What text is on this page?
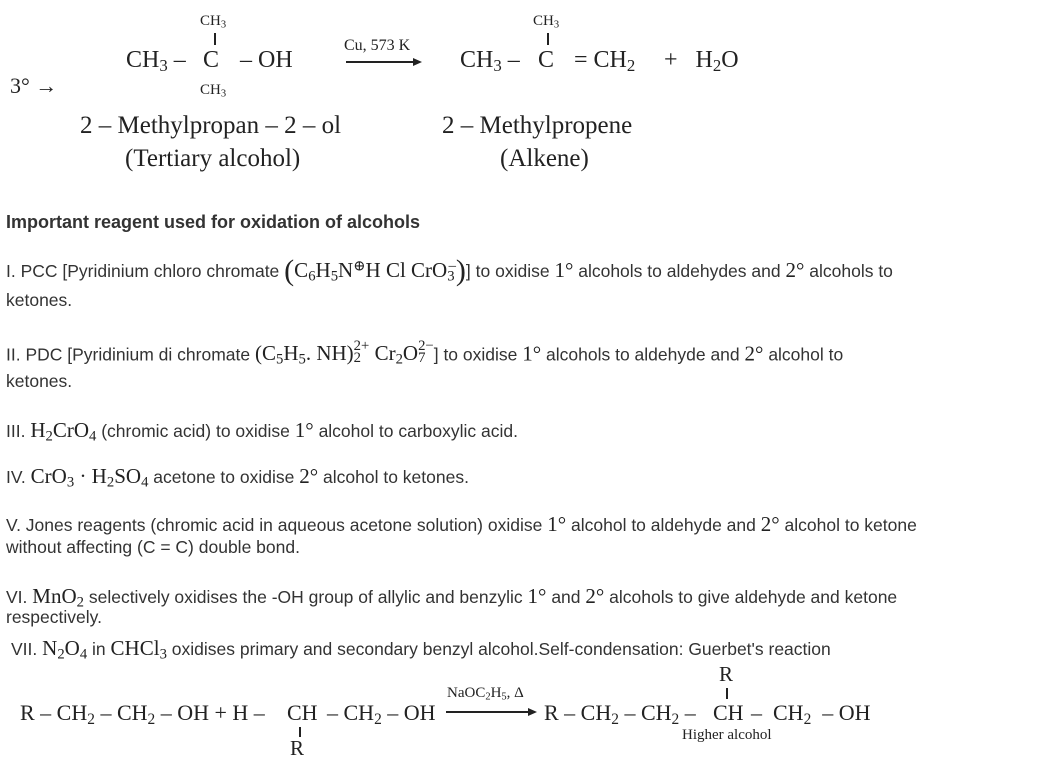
3° →
$CH_3$
$CH_3$ – C – OH
$CH_3$
Cu, 573 K
$CH_3$
$CH_3 - C = CH_2 + H_2O$
2 – Methylpropan – 2 – ol
(Tertiary alcohol)
2 – Methylpropene
(Alkene)
Important reagent used for oxidation of alcohols
I. PCC [Pyridinium chloro chromate ($C_6H_5N^\oplus H$ Cl CrO$_3$–)] to oxidise 1° alcohols to aldehydes and 2° alcohols to
ketones.
II. PDC [Pyridinium di chromate ($C_5H_5$. NH) 2+
2 $Cr_2O$ 2−
7 ] to oxidise 1° alcohols to aldehyde and 2° alcohol to
ketones.
III. $H_2CrO_4$ (chromic acid) to oxidise 1° alcohol to carboxylic acid.
IV. $CrO_3 \cdot H_2SO_4$ acetone to oxidise 2° alcohol to ketones.
V. Jones reagents (chromic acid in aqueous acetone solution) oxidise 1° alcohol to aldehyde and 2° alcohol to ketone
without affecting (C = C) double bond.
VI. MnO$_2$ selectively oxidises the -OH group of allylic and benzylic 1° and 2° alcohols to give aldehyde and ketone
respectively.
VII. $N_2O_4$ in CHCl$_3$ oxidises primary and secondary benzyl alcohol.Self-condensation: Guerbet's reaction
R – $CH_2 - CH_2$ – OH + H – CH – $CH_2$ – OH
R
$NaOC_2H_5$, Δ
R
R – $CH_2 - CH_2$ – CH –  $CH_2$  – OH
Higher alcohol
